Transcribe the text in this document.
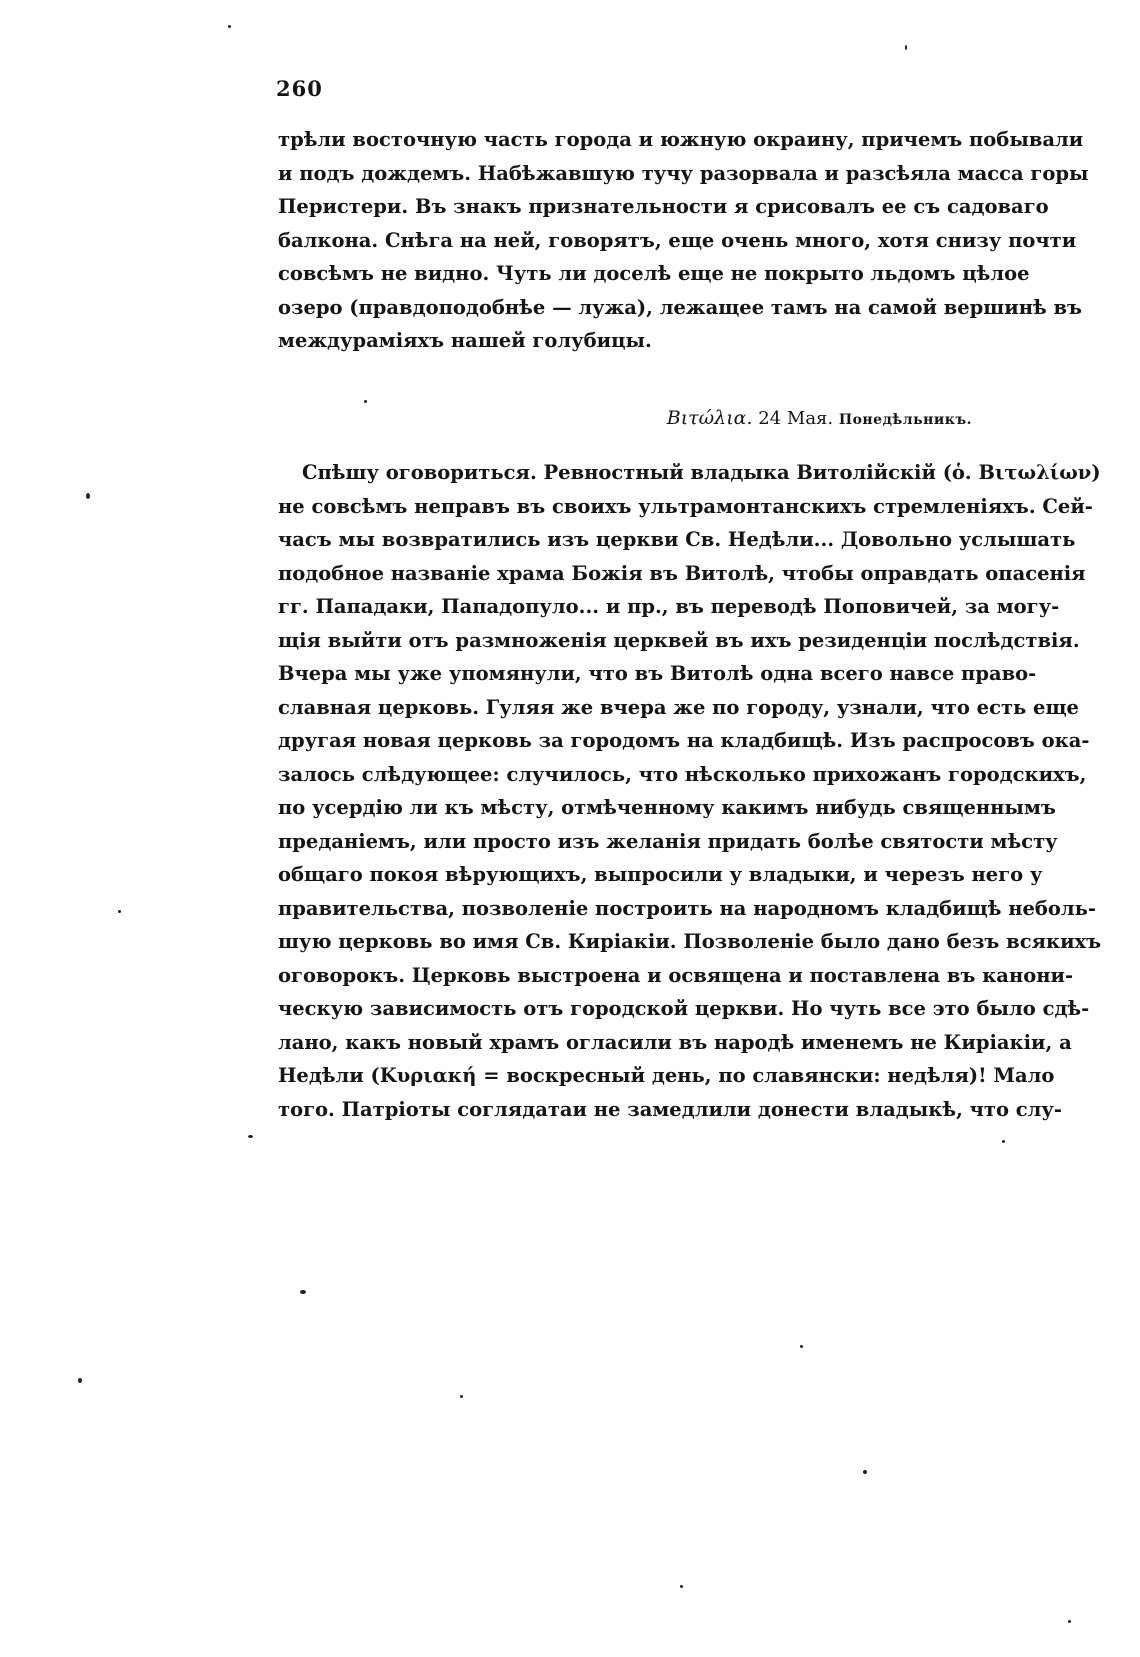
260
трѣли восточную часть города и южную окраину, причемъ побывали
и подъ дождемъ. Набѣжавшую тучу разорвала и разсѣяла масса горы
Перистери. Въ знакъ признательности я срисовалъ ее съ садоваго
балкона. Снѣга на ней, говорятъ, еще очень много, хотя снизу почти
совсѣмъ не видно. Чуть ли доселѣ еще не покрыто льдомъ цѣлое
озеро (правдоподобнѣе — лужа), лежащее тамъ на самой вершинѣ въ
междураміяхъ нашей голубицы.
Βιτώλια. 24 Мая. Понедѣльникъ.
Спѣшу оговориться. Ревностный владыка Витолійскій (ὁ. Βιτωλίων)
не совсѣмъ неправъ въ своихъ ультрамонтанскихъ стремленіяхъ. Сей-
часъ мы возвратились изъ церкви Св. Недѣли... Довольно услышать
подобное названіе храма Божія въ Витолѣ, чтобы оправдать опасенія
гг. Пападаки, Пападопуло... и пр., въ переводѣ Поповичей, за могу-
щія выйти отъ размноженія церквей въ ихъ резиденціи послѣдствія.
Вчера мы уже упомянули, что въ Витолѣ одна всего навсе право-
славная церковь. Гуляя же вчера же по городу, узнали, что есть еще
другая новая церковь за городомъ на кладбищѣ. Изъ распросовъ ока-
залось слѣдующее: случилось, что нѣсколько прихожанъ городскихъ,
по усердію ли къ мѣсту, отмѣченному какимъ нибудь священнымъ
преданіемъ, или просто изъ желанія придать болѣе святости мѣсту
общаго покоя вѣрующихъ, выпросили у владыки, и черезъ него у
правительства, позволеніе построить на народномъ кладбищѣ неболь-
шую церковь во имя Св. Киріакіи. Позволеніе было дано безъ всякихъ
оговорокъ. Церковь выстроена и освящена и поставлена въ канони-
ческую зависимость отъ городской церкви. Но чуть все это было сдѣ-
лано, какъ новый храмъ огласили въ народѣ именемъ не Киріакіи, а
Недѣли (Κυριακή = воскресный день, по славянски: недѣля)! Мало
того. Патріоты соглядатаи не замедлили донести владыкѣ, что слу-
